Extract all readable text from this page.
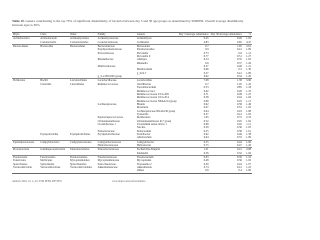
Table 10. Genera contributing to the top 70% of significant dissimilarity of bacteria between day 3 and 30 age groups as determined by SIMPER. Overall average dissimilarity between ages is 36%.
Phyla	Class	Order	Family	Genera	Day 3 Average Abundance	Day 30 Average Abundance	%

Actinobacteria	Actinobacteria	Actinomycetales	Actinomycetaceae	Actinomyces	0.45	0.49	1.05
	Coriobacteriia	Coriobacteriales	Coriobacteriaceae	Collinsella	4.83	0.65	4.47
Bacteroidetes	Bacteroidia	Bacteroidales	Bacteroidaceae	Bacteroides	0.7	1.65	2.61
			Porphyromonadaceae	Parabacteroides	0.9	0.41	1.09
			Prevotellaceae	Prevotella	0.73	0.6	1.12
				Prevotella 9	0.77	0.51	1.27
			Rikenellaceae	Alistipes	0.54	0.35	1.05
				Rikenella	0.6	0.37	1.26
			Muribaculaceae		0.57	0.46	1.21
				Muribaculum	0.66	0.5	1.30
				g_S24-7	0.57	0.41	1.06
			g_S-2-000-000 group		0.62	0.34	1.20
Firmicutes	Bacilli	Lactobacillales	Lactobacillaceae	Lactobacillus	7.08	1.38	5.96
	Clostridia	Clostridiales	Ruminococcaceae	Oscillibacter	0.7	1.05	1.45
				Faecalibacterium	0.53	0.85	1.18
				Ruminococcus 1	0.62	0.49	1.10
				Ruminococcaceae UCG-005	0.71	0.48	1.25
				Ruminococcaceae UCG-014	0.58	0.44	1.04
				Ruminococcaceae NK4A214 group	0.66	0.45	1.15
			Lachnospiraceae	Blautia	0.92	0.58	1.46
				Roseburia	0.47	0.53	1.02
				Lachnospiraceae NK4A136 group	0.64	0.43	1.08
				Tyzzerella	0.57	0.41	1.03
			Peptostreptococcaceae	Romboutsia	1.65	0.72	2.33
			Christensenellaceae	Christensenellaceae R-7 group	0.52	0.45	1.02
			Clostridiaceae 1	Clostridium sensu stricto 1	0.68	0.42	1.11
				Sarcina	0.59	0.36	1.05
			Eubacteriaceae	Eubacterium	0.55	0.38	1.01
	Erysipelotrichia	Erysipelotrichales	Erysipelotrichaceae	Turicibacter	0.92	0.46	1.38
				Allobaculum	0.64	0.33	1.09
Epsilonbacteraeota	Campylobacteria	Campylobacterales	Campylobacteraceae	Campylobacter	0.55	0.44	1.00
			Helicobacteraceae	Helicobacter	0.75	0.47	1.26
Proteobacteria	Gammaproteobacteria	Enterobacteriales	Enterobacteriaceae	Escherichia-Shigella	1.31	0.41	2.08
				Klebsiella	0.56	0.32	1.04
Fusobacteria	Fusobacteriia	Fusobacteriales	Fusobacteriaceae	Fusobacterium	0.63	0.39	1.10
Tenericutes	Mollicutes	Mycoplasmatales	Mycoplasmataceae	Mycoplasma	0.48	0.36	1.02
Spirochaetes	Spirochaetia	Spirochaetales	Spirochaetaceae	Treponema 2	0.59	0.44	1.07
Verrucomicrobia	Verrucomicrobiae	Verrucomicrobiales	Akkermansiaceae	Akkermansia	0.74	0.41	1.22
				Others	0.6	0.4	1.00
Animals 2020, 10, x; doi: FOR PEER REVIEW	www.mdpi.com/journal/animals
